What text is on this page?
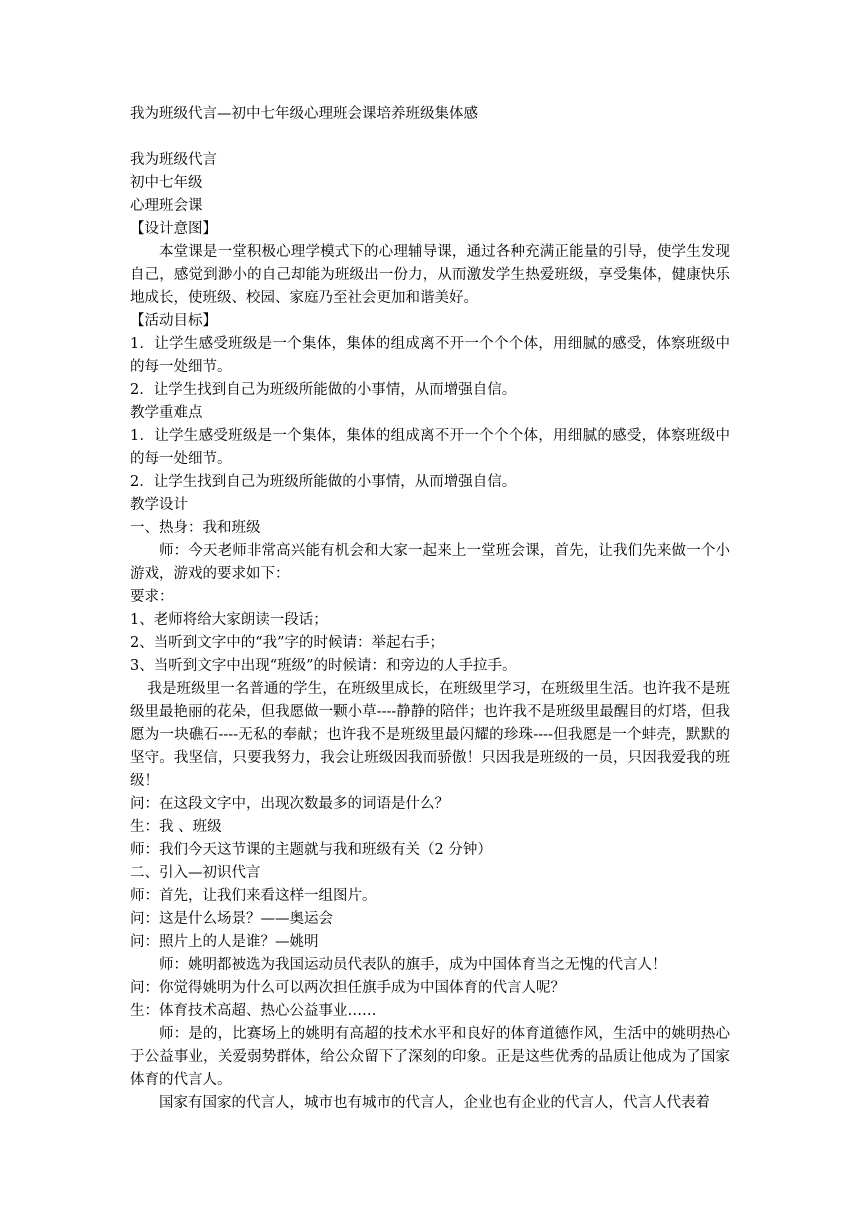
我为班级代言—初中七年级心理班会课培养班级集体感
我为班级代言
初中七年级
心理班会课
【设计意图】
本堂课是一堂积极心理学模式下的心理辅导课，通过各种充满正能量的引导，使学生发现自己，感觉到渺小的自己却能为班级出一份力，从而激发学生热爱班级，享受集体，健康快乐地成长，使班级、校园、家庭乃至社会更加和谐美好。
【活动目标】
1．让学生感受班级是一个集体，集体的组成离不开一个个个体，用细腻的感受，体察班级中的每一处细节。
2．让学生找到自己为班级所能做的小事情，从而增强自信。
教学重难点
1．让学生感受班级是一个集体，集体的组成离不开一个个个体，用细腻的感受，体察班级中的每一处细节。
2．让学生找到自己为班级所能做的小事情，从而增强自信。
教学设计
一、热身：我和班级
师：今天老师非常高兴能有机会和大家一起来上一堂班会课，首先，让我们先来做一个小游戏，游戏的要求如下：
要求：
1、老师将给大家朗读一段话；
2、当听到文字中的“我”字的时候请：举起右手；
3、当听到文字中出现“班级”的时候请：和旁边的人手拉手。
我是班级里一名普通的学生，在班级里成长，在班级里学习，在班级里生活。也许我不是班级里最艳丽的花朵，但我愿做一颗小草----静静的陪伴；也许我不是班级里最醒目的灯塔，但我愿为一块礁石----无私的奉献；也许我不是班级里最闪耀的珍珠----但我愿是一个蚌壳，默默的坚守。我坚信，只要我努力，我会让班级因我而骄傲！只因我是班级的一员，只因我爱我的班级！
问：在这段文字中，出现次数最多的词语是什么？
生：我 、班级
师：我们今天这节课的主题就与我和班级有关（2 分钟）
二、引入—初识代言
师：首先，让我们来看这样一组图片。
问：这是什么场景？——奥运会
问：照片上的人是谁？—姚明
师：姚明都被选为我国运动员代表队的旗手，成为中国体育当之无愧的代言人！
问：你觉得姚明为什么可以两次担任旗手成为中国体育的代言人呢？
生：体育技术高超、热心公益事业……
师：是的，比赛场上的姚明有高超的技术水平和良好的体育道德作风，生活中的姚明热心于公益事业，关爱弱势群体，给公众留下了深刻的印象。正是这些优秀的品质让他成为了国家体育的代言人。
国家有国家的代言人，城市也有城市的代言人，企业也有企业的代言人，代言人代表着
